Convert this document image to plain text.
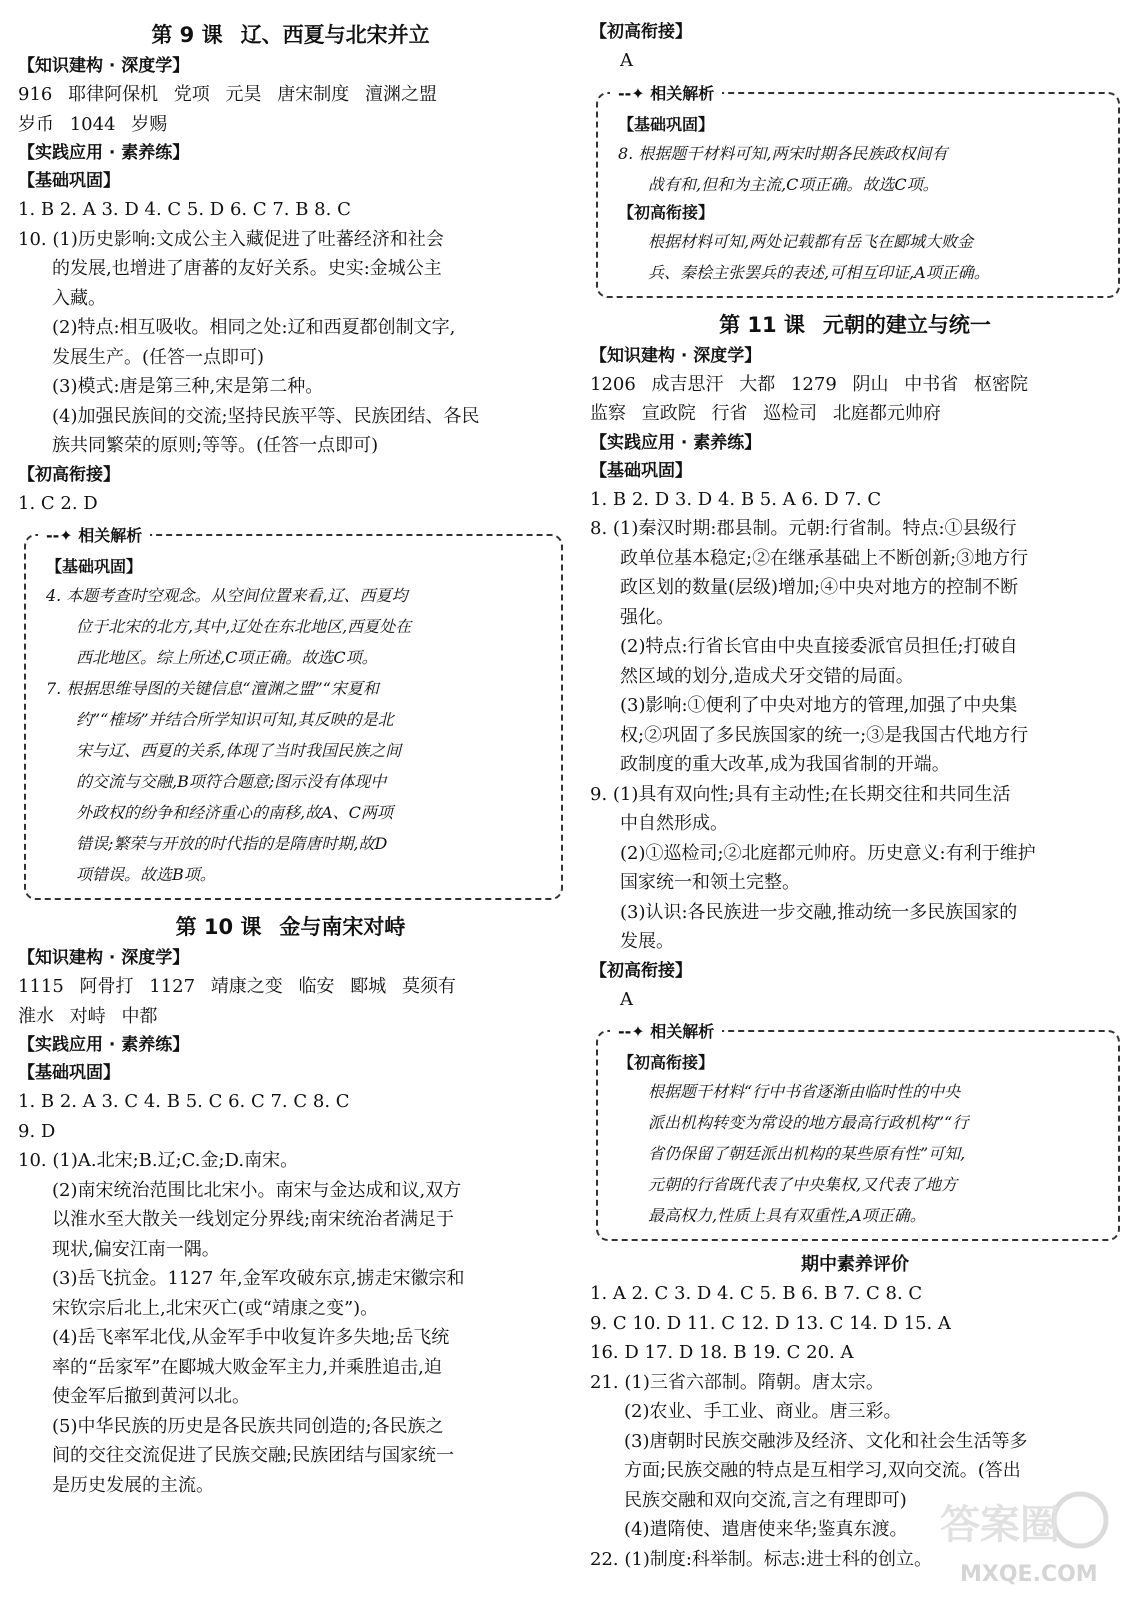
第 9 课 辽、西夏与北宋并立
【知识建构 · 深度学】
916 耶律阿保机 党项 元昊 唐宋制度 澶渊之盟
岁币 1044 岁赐
【实践应用 · 素养练】
【基础巩固】
1. B 2. A 3. D 4. C 5. D 6. C 7. B 8. C
10. (1)历史影响:文成公主入藏促进了吐蕃经济和社会
的发展,也增进了唐蕃的友好关系。史实:金城公主
入藏。
(2)特点:相互吸收。相同之处:辽和西夏都创制文字,
发展生产。(任答一点即可)
(3)模式:唐是第三种,宋是第二种。
(4)加强民族间的交流;坚持民族平等、民族团结、各民
族共同繁荣的原则;等等。(任答一点即可)
【初高衔接】
1. C 2. D
--✦ 相关解析
【基础巩固】
4. 本题考查时空观念。从空间位置来看,辽、西夏均
位于北宋的北方,其中,辽处在东北地区,西夏处在
西北地区。综上所述,C项正确。故选C项。
7. 根据思维导图的关键信息“澶渊之盟”“宋夏和
约”“榷场”并结合所学知识可知,其反映的是北
宋与辽、西夏的关系,体现了当时我国民族之间
的交流与交融,B项符合题意;图示没有体现中
外政权的纷争和经济重心的南移,故A、C两项
错误;繁荣与开放的时代指的是隋唐时期,故D
项错误。故选B项。
第 10 课 金与南宋对峙
【知识建构 · 深度学】
1115 阿骨打 1127 靖康之变 临安 郾城 莫须有
淮水 对峙 中都
【实践应用 · 素养练】
【基础巩固】
1. B 2. A 3. C 4. B 5. C 6. C 7. C 8. C
9. D
10. (1)A.北宋;B.辽;C.金;D.南宋。
(2)南宋统治范围比北宋小。南宋与金达成和议,双方
以淮水至大散关一线划定分界线;南宋统治者满足于
现状,偏安江南一隅。
(3)岳飞抗金。1127 年,金军攻破东京,掳走宋徽宗和
宋钦宗后北上,北宋灭亡(或“靖康之变”)。
(4)岳飞率军北伐,从金军手中收复许多失地;岳飞统
率的“岳家军”在郾城大败金军主力,并乘胜追击,迫
使金军后撤到黄河以北。
(5)中华民族的历史是各民族共同创造的;各民族之
间的交往交流促进了民族交融;民族团结与国家统一
是历史发展的主流。
【初高衔接】
A
--✦ 相关解析
【基础巩固】
8. 根据题干材料可知,两宋时期各民族政权间有
战有和,但和为主流,C项正确。故选C项。
【初高衔接】
根据材料可知,两处记载都有岳飞在郾城大败金
兵、秦桧主张罢兵的表述,可相互印证,A项正确。
第 11 课 元朝的建立与统一
【知识建构 · 深度学】
1206 成吉思汗 大都 1279 阴山 中书省 枢密院
监察 宣政院 行省 巡检司 北庭都元帅府
【实践应用 · 素养练】
【基础巩固】
1. B 2. D 3. D 4. B 5. A 6. D 7. C
8. (1)秦汉时期:郡县制。元朝:行省制。特点:①县级行
政单位基本稳定;②在继承基础上不断创新;③地方行
政区划的数量(层级)增加;④中央对地方的控制不断
强化。
(2)特点:行省长官由中央直接委派官员担任;打破自
然区域的划分,造成犬牙交错的局面。
(3)影响:①便利了中央对地方的管理,加强了中央集
权;②巩固了多民族国家的统一;③是我国古代地方行
政制度的重大改革,成为我国省制的开端。
9. (1)具有双向性;具有主动性;在长期交往和共同生活
中自然形成。
(2)①巡检司;②北庭都元帅府。历史意义:有利于维护
国家统一和领土完整。
(3)认识:各民族进一步交融,推动统一多民族国家的
发展。
【初高衔接】
A
--✦ 相关解析
【初高衔接】
根据题干材料“行中书省逐渐由临时性的中央
派出机构转变为常设的地方最高行政机构”“行
省仍保留了朝廷派出机构的某些原有性”可知,
元朝的行省既代表了中央集权,又代表了地方
最高权力,性质上具有双重性,A项正确。
期中素养评价
1. A 2. C 3. D 4. C 5. B 6. B 7. C 8. C
9. C 10. D 11. C 12. D 13. C 14. D 15. A
16. D 17. D 18. B 19. C 20. A
21. (1)三省六部制。隋朝。唐太宗。
(2)农业、手工业、商业。唐三彩。
(3)唐朝时民族交融涉及经济、文化和社会生活等多
方面;民族交融的特点是互相学习,双向交流。(答出
民族交融和双向交流,言之有理即可)
(4)遣隋使、遣唐使来华;鉴真东渡。
22. (1)制度:科举制。标志:进士科的创立。
答案圈
MXQE.COM
